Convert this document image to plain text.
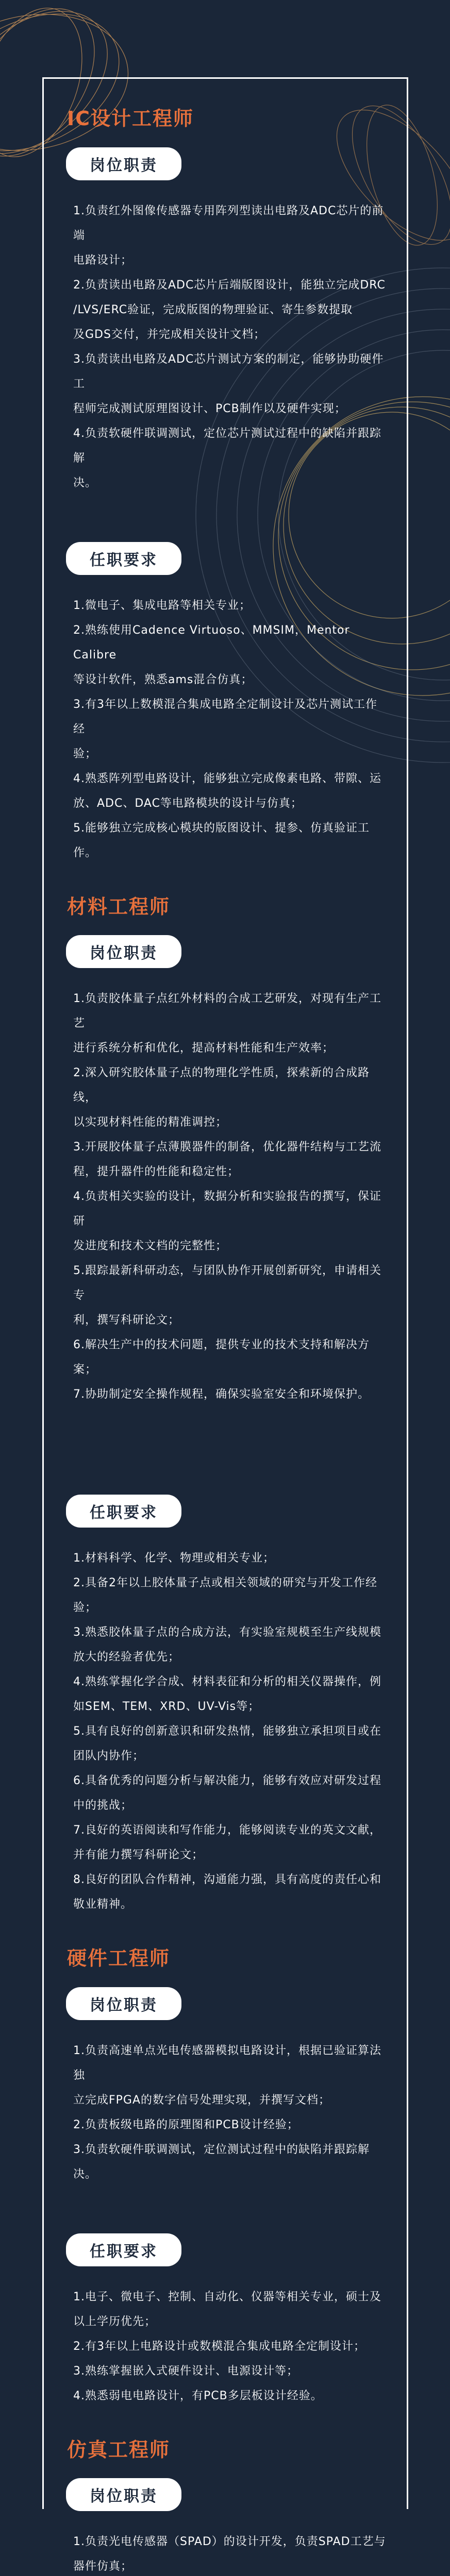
IC设计工程师
岗位职责
1.负责红外图像传感器专用阵列型读出电路及ADC芯片的前端
电路设计；
2.负责读出电路及ADC芯片后端版图设计，能独立完成DRC
/LVS/ERC验证，完成版图的物理验证、寄生参数提取
及GDS交付，并完成相关设计文档；
3.负责读出电路及ADC芯片测试方案的制定，能够协助硬件工
程师完成测试原理图设计、PCB制作以及硬件实现；
4.负责软硬件联调测试，定位芯片测试过程中的缺陷并跟踪解
决。
任职要求
1.微电子、集成电路等相关专业；
2.熟练使用Cadence Virtuoso、MMSIM，Mentor Calibre
等设计软件，熟悉ams混合仿真；
3.有3年以上数模混合集成电路全定制设计及芯片测试工作经
验；
4.熟悉阵列型电路设计，能够独立完成像素电路、带隙、运
放、ADC、DAC等电路模块的设计与仿真；
5.能够独立完成核心模块的版图设计、提参、仿真验证工作。
材料工程师
岗位职责
1.负责胶体量子点红外材料的合成工艺研发，对现有生产工艺
进行系统分析和优化，提高材料性能和生产效率；
2.深入研究胶体量子点的物理化学性质，探索新的合成路线，
以实现材料性能的精准调控；
3.开展胶体量子点薄膜器件的制备，优化器件结构与工艺流
程，提升器件的性能和稳定性；
4.负责相关实验的设计，数据分析和实验报告的撰写，保证研
发进度和技术文档的完整性；
5.跟踪最新科研动态，与团队协作开展创新研究，申请相关专
利，撰写科研论文；
6.解决生产中的技术问题，提供专业的技术支持和解决方案；
7.协助制定安全操作规程，确保实验室安全和环境保护。
任职要求
1.材料科学、化学、物理或相关专业；
2.具备2年以上胶体量子点或相关领域的研究与开发工作经
验；
3.熟悉胶体量子点的合成方法，有实验室规模至生产线规模
放大的经验者优先；
4.熟练掌握化学合成、材料表征和分析的相关仪器操作，例
如SEM、TEM、XRD、UV-Vis等；
5.具有良好的创新意识和研发热情，能够独立承担项目或在
团队内协作；
6.具备优秀的问题分析与解决能力，能够有效应对研发过程
中的挑战；
7.良好的英语阅读和写作能力，能够阅读专业的英文文献，
并有能力撰写科研论文；
8.良好的团队合作精神，沟通能力强，具有高度的责任心和
敬业精神。
硬件工程师
岗位职责
1.负责高速单点光电传感器模拟电路设计，根据已验证算法独
立完成FPGA的数字信号处理实现，并撰写文档；
2.负责板级电路的原理图和PCB设计经验；
3.负责软硬件联调测试，定位测试过程中的缺陷并跟踪解决。
任职要求
1.电子、微电子、控制、自动化、仪器等相关专业，硕士及
以上学历优先；
2.有3年以上电路设计或数模混合集成电路全定制设计；
3.熟练掌握嵌入式硬件设计、电源设计等；
4.熟悉弱电电路设计，有PCB多层板设计经验。
仿真工程师
岗位职责
1.负责光电传感器（SPAD）的设计开发，负责SPAD工艺与
器件仿真；
